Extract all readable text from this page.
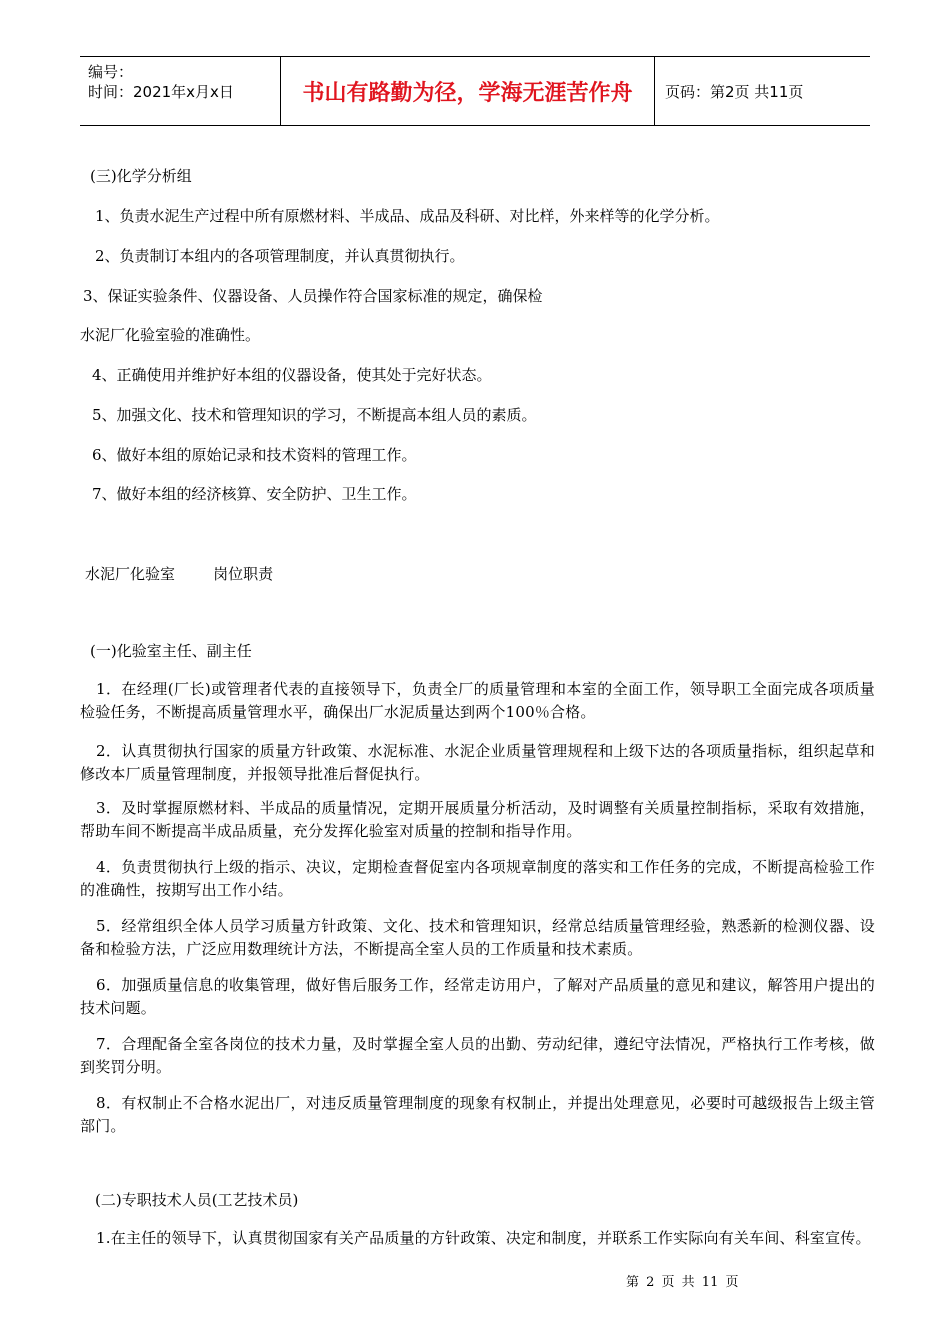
编号：
时间：2021年x月x日	书山有路勤为径，学海无涯苦作舟	页码：第2页 共11页
(三)化学分析组
1、负责水泥生产过程中所有原燃材料、半成品、成品及科研、对比样，外来样等的化学分析。
2、负责制订本组内的各项管理制度，并认真贯彻执行。
3、保证实验条件、仪器设备、人员操作符合国家标准的规定，确保检
水泥厂化验室验的准确性。
4、正确使用并维护好本组的仪器设备，使其处于完好状态。
5、加强文化、技术和管理知识的学习，不断提高本组人员的素质。
6、做好本组的原始记录和技术资料的管理工作。
7、做好本组的经济核算、安全防护、卫生工作。
水泥厂化验室        岗位职责
(一)化验室主任、副主任
1．在经理(厂长)或管理者代表的直接领导下，负责全厂的质量管理和本室的全面工作，领导职工全面完成各项质量检验任务，不断提高质量管理水平，确保出厂水泥质量达到两个100％合格。
2．认真贯彻执行国家的质量方针政策、水泥标准、水泥企业质量管理规程和上级下达的各项质量指标，组织起草和修改本厂质量管理制度，并报领导批准后督促执行。
3．及时掌握原燃材料、半成品的质量情况，定期开展质量分析活动，及时调整有关质量控制指标，采取有效措施，帮助车间不断提高半成品质量，充分发挥化验室对质量的控制和指导作用。
4．负责贯彻执行上级的指示、决议，定期检查督促室内各项规章制度的落实和工作任务的完成，不断提高检验工作的准确性，按期写出工作小结。
5．经常组织全体人员学习质量方针政策、文化、技术和管理知识，经常总结质量管理经验，熟悉新的检测仪器、设备和检验方法，广泛应用数理统计方法，不断提高全室人员的工作质量和技术素质。
6．加强质量信息的收集管理，做好售后服务工作，经常走访用户，了解对产品质量的意见和建议，解答用户提出的技术问题。
7．合理配备全室各岗位的技术力量，及时掌握全室人员的出勤、劳动纪律，遵纪守法情况，严格执行工作考核，做到奖罚分明。
8．有权制止不合格水泥出厂，对违反质量管理制度的现象有权制止，并提出处理意见，必要时可越级报告上级主管部门。
(二)专职技术人员(工艺技术员)
1.在主任的领导下，认真贯彻国家有关产品质量的方针政策、决定和制度，并联系工作实际向有关车间、科室宣传。
第 2 页 共 11 页
